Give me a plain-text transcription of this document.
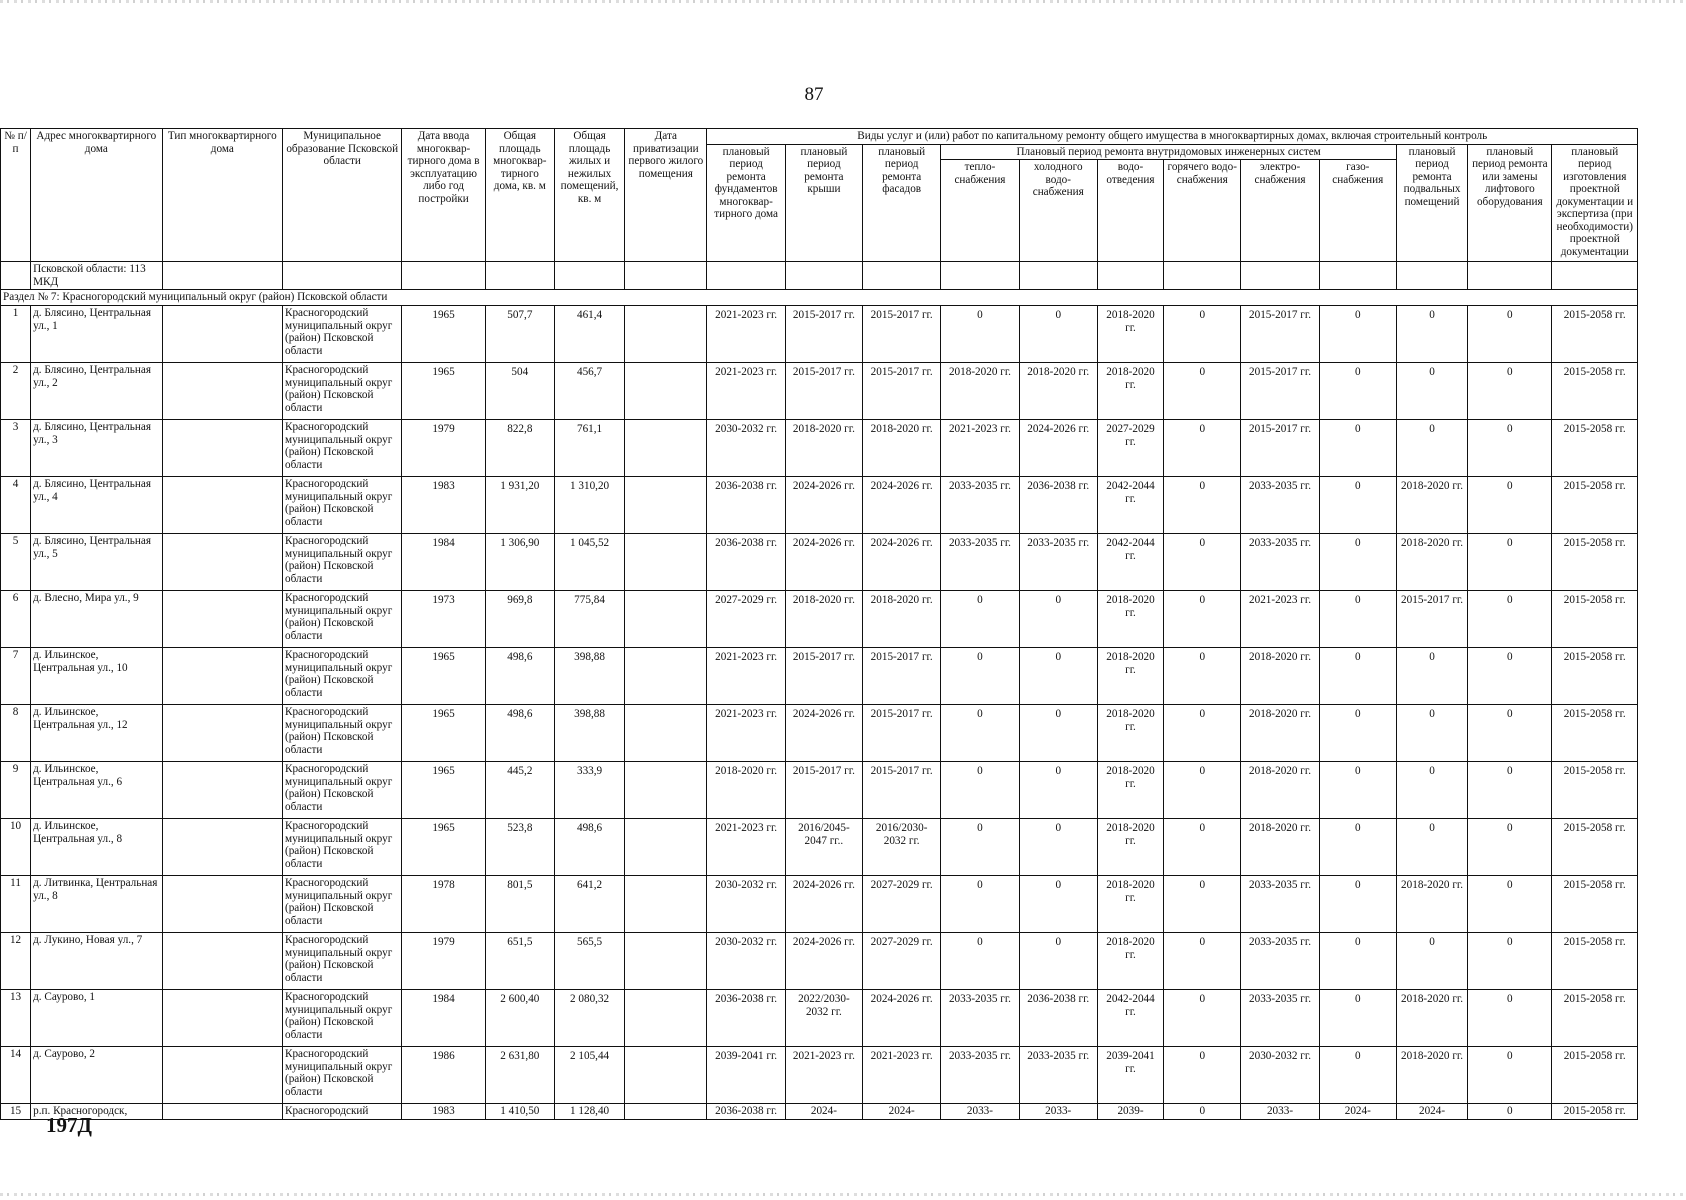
87
№ п/п	Адрес многоквартирного дома	Тип многоквартирного дома	Муниципальное образование Псковской области	Дата ввода многоквар-тирного дома в эксплуатацию либо год постройки	Общая площадь многоквар-тирного дома, кв. м	Общая площадь жилых и нежилых помещений, кв. м	Дата приватизации первого жилого помещения	Виды услуг и (или) работ по капитальному ремонту общего имущества в многоквартирных домах, включая строительный контроль											
								плановый период ремонта фундаментов многоквар-тирного дома	плановый период ремонта крыши	плановый период ремонта фасадов	Плановый период ремонта внутридомовых инженерных систем						плановый период ремонта подвальных помещений	плановый период ремонта или замены лифтового оборудования	плановый период изготовления проектной документации и экспертиза (при необходимости) проектной документации
											тепло-снабжения	холодного водо-снабжения	водо-отведения	горячего водо-снабжения	электро-снабжения	газо-снабжения			
	Псковской области: 113 МКД																		
Раздел № 7: Красногородский муниципальный округ (район) Псковской области																			
1	д. Блясино, Центральная ул., 1		Красногородский муниципальный округ (район) Псковской области	1965	507,7	461,4		2021-2023 гг.	2015-2017 гг.	2015-2017 гг.	0	0	2018-2020 гг.	0	2015-2017 гг.	0	0	0	2015-2058 гг.
2	д. Блясино, Центральная ул., 2		Красногородский муниципальный округ (район) Псковской области	1965	504	456,7		2021-2023 гг.	2015-2017 гг.	2015-2017 гг.	2018-2020 гг.	2018-2020 гг.	2018-2020 гг.	0	2015-2017 гг.	0	0	0	2015-2058 гг.
3	д. Блясино, Центральная ул., 3		Красногородский муниципальный округ (район) Псковской области	1979	822,8	761,1		2030-2032 гг.	2018-2020 гг.	2018-2020 гг.	2021-2023 гг.	2024-2026 гг.	2027-2029 гг.	0	2015-2017 гг.	0	0	0	2015-2058 гг.
4	д. Блясино, Центральная ул., 4		Красногородский муниципальный округ (район) Псковской области	1983	1 931,20	1 310,20		2036-2038 гг.	2024-2026 гг.	2024-2026 гг.	2033-2035 гг.	2036-2038 гг.	2042-2044 гг.	0	2033-2035 гг.	0	2018-2020 гг.	0	2015-2058 гг.
5	д. Блясино, Центральная ул., 5		Красногородский муниципальный округ (район) Псковской области	1984	1 306,90	1 045,52		2036-2038 гг.	2024-2026 гг.	2024-2026 гг.	2033-2035 гг.	2033-2035 гг.	2042-2044 гг.	0	2033-2035 гг.	0	2018-2020 гг.	0	2015-2058 гг.
6	д. Влесно, Мира ул., 9		Красногородский муниципальный округ (район) Псковской области	1973	969,8	775,84		2027-2029 гг.	2018-2020 гг.	2018-2020 гг.	0	0	2018-2020 гг.	0	2021-2023 гг.	0	2015-2017 гг.	0	2015-2058 гг.
7	д. Ильинское, Центральная ул., 10		Красногородский муниципальный округ (район) Псковской области	1965	498,6	398,88		2021-2023 гг.	2015-2017 гг.	2015-2017 гг.	0	0	2018-2020 гг.	0	2018-2020 гг.	0	0	0	2015-2058 гг.
8	д. Ильинское, Центральная ул., 12		Красногородский муниципальный округ (район) Псковской области	1965	498,6	398,88		2021-2023 гг.	2024-2026 гг.	2015-2017 гг.	0	0	2018-2020 гг.	0	2018-2020 гг.	0	0	0	2015-2058 гг.
9	д. Ильинское, Центральная ул., 6		Красногородский муниципальный округ (район) Псковской области	1965	445,2	333,9		2018-2020 гг.	2015-2017 гг.	2015-2017 гг.	0	0	2018-2020 гг.	0	2018-2020 гг.	0	0	0	2015-2058 гг.
10	д. Ильинское, Центральная ул., 8		Красногородский муниципальный округ (район) Псковской области	1965	523,8	498,6		2021-2023 гг.	2016/2045-2047 гг..	2016/2030-2032 гг.	0	0	2018-2020 гг.	0	2018-2020 гг.	0	0	0	2015-2058 гг.
11	д. Литвинка, Центральная ул., 8		Красногородский муниципальный округ (район) Псковской области	1978	801,5	641,2		2030-2032 гг.	2024-2026 гг.	2027-2029 гг.	0	0	2018-2020 гг.	0	2033-2035 гг.	0	2018-2020 гг.	0	2015-2058 гг.
12	д. Лукино, Новая ул., 7		Красногородский муниципальный округ (район) Псковской области	1979	651,5	565,5		2030-2032 гг.	2024-2026 гг.	2027-2029 гг.	0	0	2018-2020 гг.	0	2033-2035 гг.	0	0	0	2015-2058 гг.
13	д. Саурово, 1		Красногородский муниципальный округ (район) Псковской области	1984	2 600,40	2 080,32		2036-2038 гг.	2022/2030-2032 гг.	2024-2026 гг.	2033-2035 гг.	2036-2038 гг.	2042-2044 гг.	0	2033-2035 гг.	0	2018-2020 гг.	0	2015-2058 гг.
14	д. Саурово, 2		Красногородский муниципальный округ (район) Псковской области	1986	2 631,80	2 105,44		2039-2041 гг.	2021-2023 гг.	2021-2023 гг.	2033-2035 гг.	2033-2035 гг.	2039-2041 гг.	0	2030-2032 гг.	0	2018-2020 гг.	0	2015-2058 гг.
15	р.п. Красногородск,		Красногородский	1983	1 410,50	1 128,40		2036-2038 гг.	2024-	2024-	2033-	2033-	2039-	0	2033-	2024-	2024-	0	2015-2058 гг.
197Д
